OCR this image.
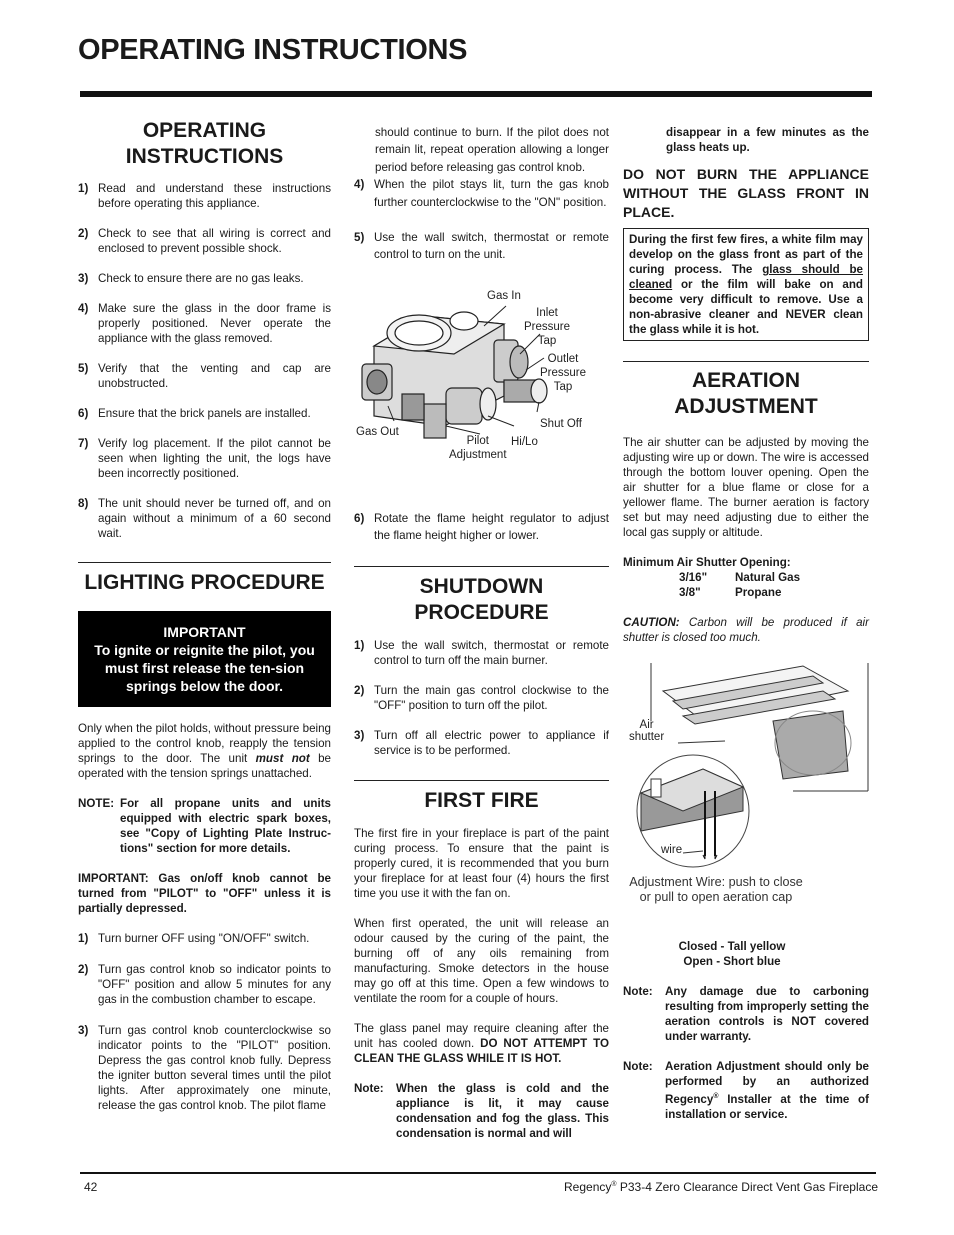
OPERATING INSTRUCTIONS
OPERATING
INSTRUCTIONS
1) Read and understand these instructions before operating this appliance.
2) Check to see that all wiring is correct and enclosed to prevent possible shock.
3) Check to ensure there are no gas leaks.
4) Make sure the glass in the door frame is properly positioned. Never operate the appliance with the glass removed.
5) Verify that the venting and cap are unobstructed.
6) Ensure that the brick panels are installed.
7) Verify log placement. If the pilot cannot be seen when lighting the unit, the logs have been incorrectly positioned.
8) The unit should never be turned off, and on again without a minimum of a 60 second wait.
LIGHTING PROCEDURE
IMPORTANT
To ignite or reignite the pilot, you must first release the ten-sion springs below the door.

Only when the pilot holds, without pressure being applied to the control knob, reapply the tension springs to the door. The unit must not be operated with the tension springs unattached.

NOTE: For all propane units and units equipped with electric spark boxes, see "Copy of Lighting Plate Instruc-tions" section for more details.

IMPORTANT: Gas on/off knob cannot be turned from "PILOT" to "OFF" unless it is partially depressed.

1) Turn burner OFF using "ON/OFF" switch.
2) Turn gas control knob so indicator points to "OFF" position and allow 5 minutes for any gas in the combustion chamber to escape.
3) Turn gas control knob counterclockwise so indicator points to the "PILOT" position. Depress the gas control knob fully. Depress the igniter button several times until the pilot lights. After approximately one minute, release the gas control knob. The pilot flame

should continue to burn. If the pilot does not remain lit, repeat operation allowing a longer period before releasing gas control knob.

4) When the pilot stays lit, turn the gas knob further counterclockwise to the "ON" position.
5) Use the wall switch, thermostat or remote control to turn on the unit.
Gas In
Inlet
Pressure
Tap
Outlet
Pressure
Tap
Shut Off
Gas Out
Pilot
Adjustment
Hi/Lo
6) Rotate the flame height regulator to adjust the flame height higher or lower.
SHUTDOWN
PROCEDURE
1) Use the wall switch, thermostat or remote control to turn off the main burner.
2) Turn the main gas control clockwise to the "OFF" position to turn off the pilot.
3) Turn off all electric power to appliance if service is to be performed.
FIRST FIRE

The first fire in your fireplace is part of the paint curing process. To ensure that the paint is properly cured, it is recommended that you burn your fireplace for at least four (4) hours the first time you use it with the fan on.

When first operated, the unit will release an odour caused by the curing of the paint, the burning off of any oils remaining from manufacturing. Smoke detectors in the house may go off at this time. Open a few windows to ventilate the room for a couple of hours.

The glass panel may require cleaning after the unit has cooled down. DO NOT ATTEMPT TO CLEAN THE GLASS WHILE IT IS HOT.

Note:	When the glass is cold and the appliance is lit, it may cause condensation and fog the glass. This condensation is normal and will

disappear in a few minutes as the glass heats up.

DO NOT BURN THE APPLIANCE WITHOUT THE GLASS FRONT IN PLACE.

During the first few fires, a white film may develop on the glass front as part of the curing process. The glass should be cleaned or the film will bake on and become very difficult to remove. Use a non-abrasive cleaner and NEVER clean the glass while it is hot.
AERATION
ADJUSTMENT

The air shutter can be adjusted by moving the adjusting wire up or down. The wire is accessed through the bottom louver opening. Open the air shutter for a blue flame or close for a yellower flame. The burner aeration is factory set but may need adjusting due to either the local gas supply or altitude.

Minimum Air Shutter Opening:
3/16"	Natural Gas
3/8"	Propane

CAUTION: Carbon will be produced if air shutter is closed too much.

Air
shutter
wire
Adjustment Wire: push to close
or pull to open aeration cap
Closed - Tall yellow
Open - Short blue
Note:	Any damage due to carboning resulting from improperly setting the aeration controls is NOT covered under warranty.
Note:	Aeration Adjustment should only be performed by an authorized Regency® Installer at the time of installation or service.
42	Regency® P33-4 Zero Clearance Direct Vent Gas Fireplace
